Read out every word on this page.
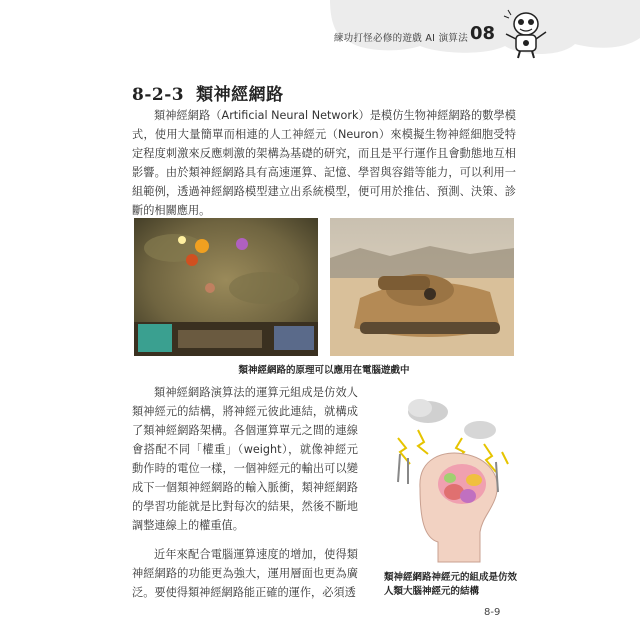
練功打怪必修的遊戲 AI 演算法 08
8-2-3 類神經網路
類神經網路（Artificial Neural Network）是模仿生物神經網路的數學模式，使用大量簡單而相連的人工神經元（Neuron）來模擬生物神經細胞受特定程度刺激來反應刺激的架構為基礎的研究，而且是平行運作且會動態地互相影響。由於類神經網路具有高速運算、記憶、學習與容錯等能力，可以利用一組範例，透過神經網路模型建立出系統模型，便可用於推估、預測、決策、診斷的相關應用。
類神經網路的原理可以應用在電腦遊戲中
類神經網路演算法的運算元組成是仿效人類神經元的結構，將神經元彼此連結，就構成了類神經網路架構。各個運算單元之間的連線會搭配不同「權重」（weight），就像神經元動作時的電位一樣，一個神經元的輸出可以變成下一個類神經網路的輸入脈衝，類神經網路的學習功能就是比對每次的結果，然後不斷地調整連線上的權重值。
類神經網路神經元的組成是仿效人類大腦神經元的結構
近年來配合電腦運算速度的增加，使得類神經網路的功能更為強大，運用層面也更為廣泛。要使得類神經網路能正確的運作，必須透
8-9
